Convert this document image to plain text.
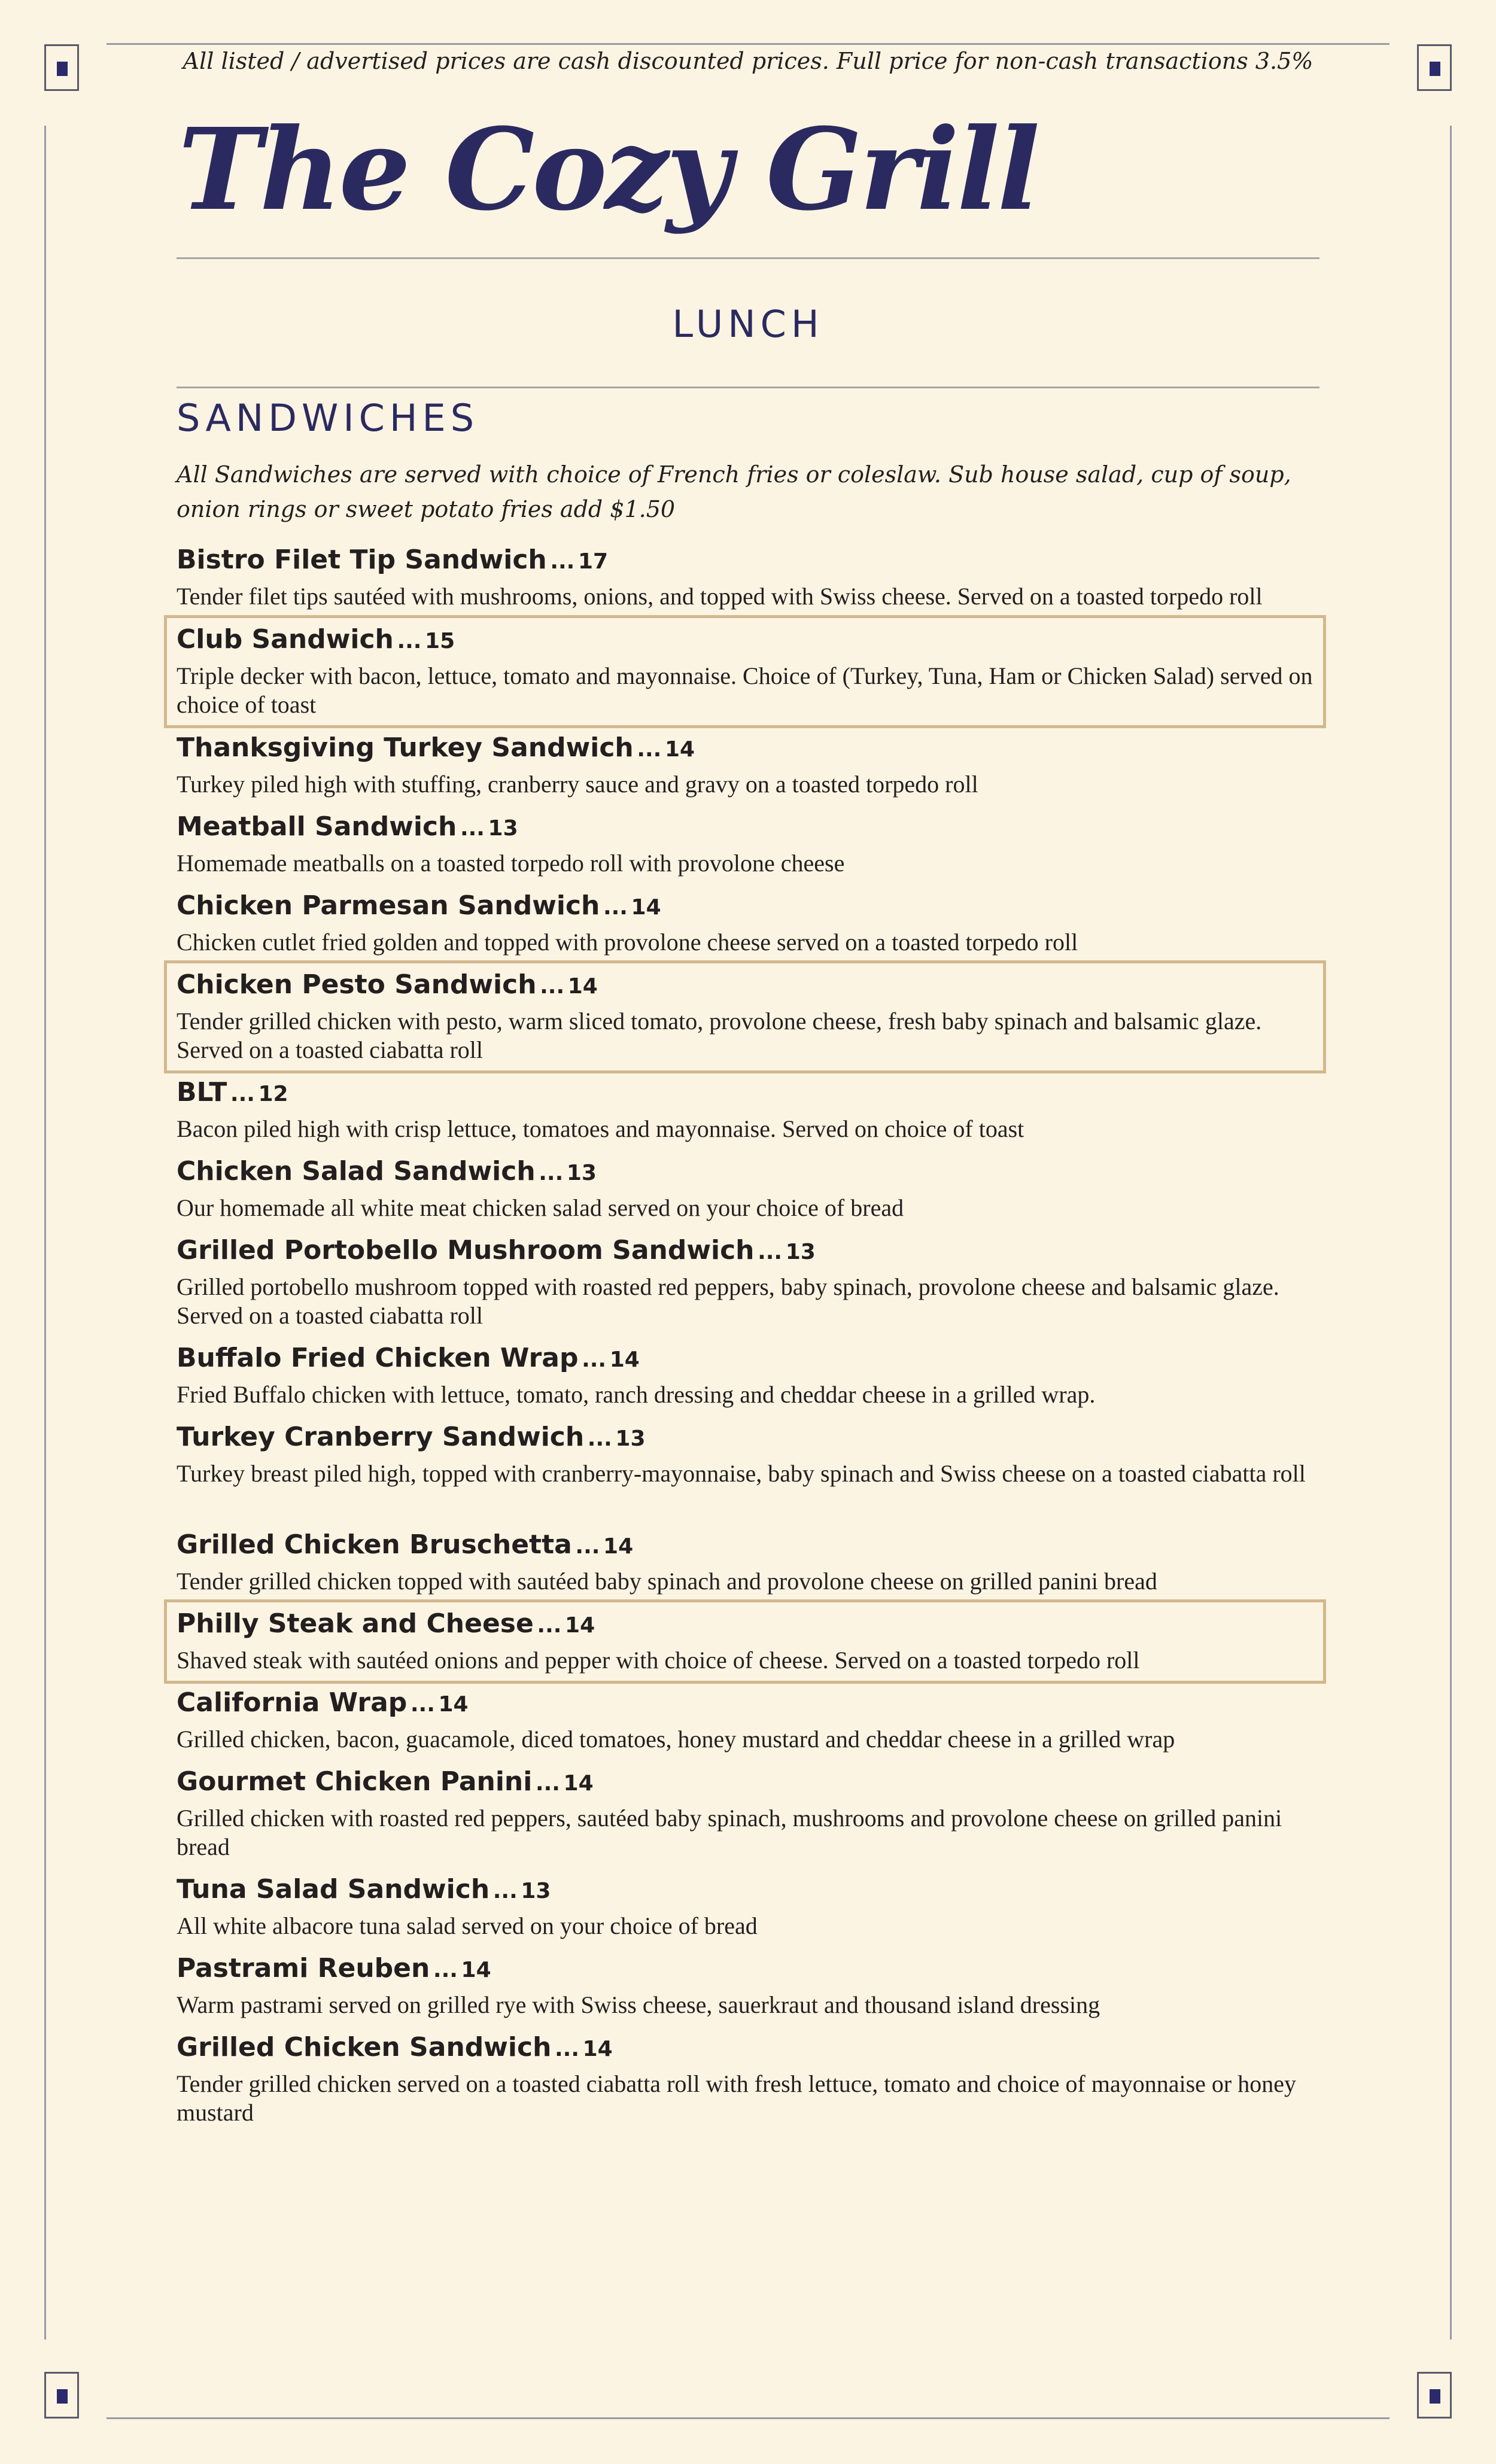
All listed / advertised prices are cash discounted prices. Full price for non-cash transactions 3.5%
The Cozy Grill
LUNCH
SANDWICHES
All Sandwiches are served with choice of French fries or coleslaw. Sub house salad, cup of soup, onion rings or sweet potato fries add $1.50
Bistro Filet Tip Sandwich ... 17
Tender filet tips sautéed with mushrooms, onions, and topped with Swiss cheese. Served on a toasted torpedo roll
Club Sandwich ... 15
Triple decker with bacon, lettuce, tomato and mayonnaise. Choice of (Turkey, Tuna, Ham or Chicken Salad) served on choice of toast
Thanksgiving Turkey Sandwich ... 14
Turkey piled high with stuffing, cranberry sauce and gravy on a toasted torpedo roll
Meatball Sandwich ... 13
Homemade meatballs on a toasted torpedo roll with provolone cheese
Chicken Parmesan Sandwich ... 14
Chicken cutlet fried golden and topped with provolone cheese served on a toasted torpedo roll
Chicken Pesto Sandwich ... 14
Tender grilled chicken with pesto, warm sliced tomato, provolone cheese, fresh baby spinach and balsamic glaze. Served on a toasted ciabatta roll
BLT ... 12
Bacon piled high with crisp lettuce, tomatoes and mayonnaise. Served on choice of toast
Chicken Salad Sandwich ... 13
Our homemade all white meat chicken salad served on your choice of bread
Grilled Portobello Mushroom Sandwich ... 13
Grilled portobello mushroom topped with roasted red peppers, baby spinach, provolone cheese and balsamic glaze. Served on a toasted ciabatta roll
Buffalo Fried Chicken Wrap ... 14
Fried Buffalo chicken with lettuce, tomato, ranch dressing and cheddar cheese in a grilled wrap.
Turkey Cranberry Sandwich ... 13
Turkey breast piled high, topped with cranberry-mayonnaise, baby spinach and Swiss cheese on a toasted ciabatta roll
Grilled Chicken Bruschetta ... 14
Tender grilled chicken topped with sautéed baby spinach and provolone cheese on grilled panini bread
Philly Steak and Cheese ... 14
Shaved steak with sautéed onions and pepper with choice of cheese. Served on a toasted torpedo roll
California Wrap ... 14
Grilled chicken, bacon, guacamole, diced tomatoes, honey mustard and cheddar cheese in a grilled wrap
Gourmet Chicken Panini ... 14
Grilled chicken with roasted red peppers, sautéed baby spinach, mushrooms and provolone cheese on grilled panini bread
Tuna Salad Sandwich ... 13
All white albacore tuna salad served on your choice of bread
Pastrami Reuben ... 14
Warm pastrami served on grilled rye with Swiss cheese, sauerkraut and thousand island dressing
Grilled Chicken Sandwich ... 14
Tender grilled chicken served on a toasted ciabatta roll with fresh lettuce, tomato and choice of mayonnaise or honey mustard
